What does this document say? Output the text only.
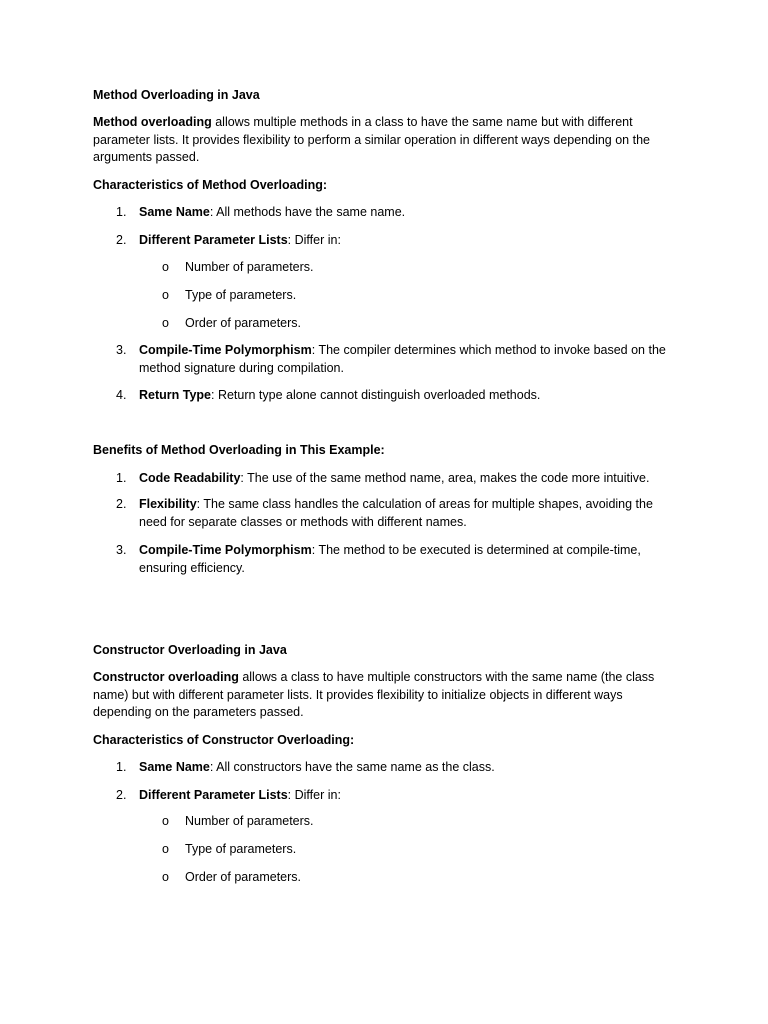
Method Overloading in Java

Method overloading allows multiple methods in a class to have the same name but with different parameter lists. It provides flexibility to perform a similar operation in different ways depending on the arguments passed.

Characteristics of Method Overloading:
1.	Same Name: All methods have the same name.
2.	Different Parameter Lists: Differ in:
o Number of parameters.
o Type of parameters.
o Order of parameters.
3.	Compile-Time Polymorphism: The compiler determines which method to invoke based on the method signature during compilation.
4.	Return Type: Return type alone cannot distinguish overloaded methods.
Benefits of Method Overloading in This Example:
1.	Code Readability: The use of the same method name, area, makes the code more intuitive.
2.	Flexibility: The same class handles the calculation of areas for multiple shapes, avoiding the need for separate classes or methods with different names.
3.	Compile-Time Polymorphism: The method to be executed is determined at compile-time, ensuring efficiency.
Constructor Overloading in Java

Constructor overloading allows a class to have multiple constructors with the same name (the class name) but with different parameter lists. It provides flexibility to initialize objects in different ways depending on the parameters passed.

Characteristics of Constructor Overloading:
1.	Same Name: All constructors have the same name as the class.
2.	Different Parameter Lists: Differ in:
o Number of parameters.
o Type of parameters.
o Order of parameters.
